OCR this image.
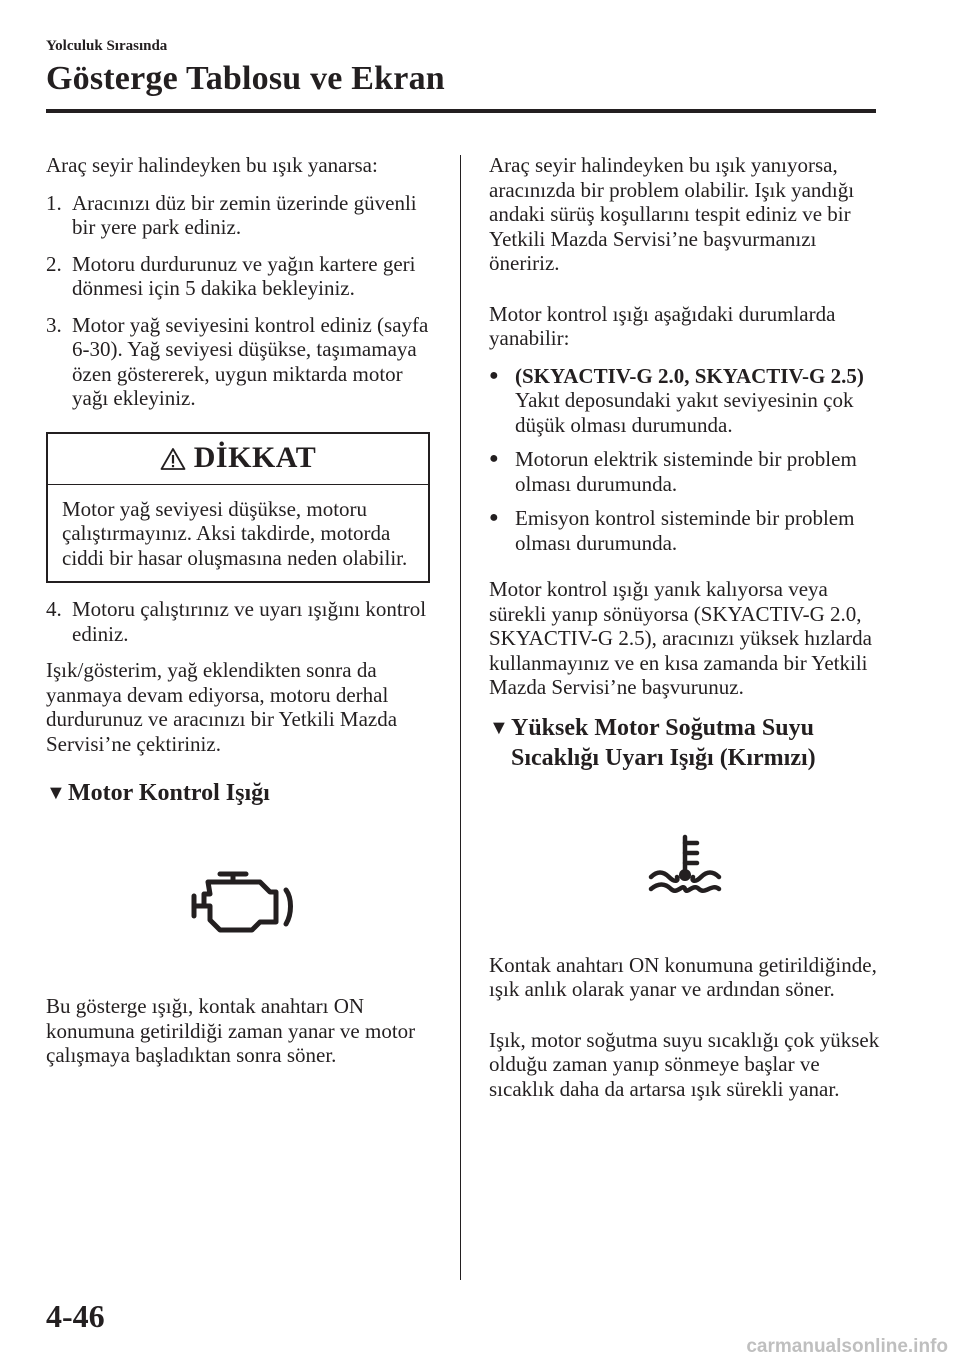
Yolculuk Sırasında
Gösterge Tablosu ve Ekran

Araç seyir halindeyken bu ışık yanarsa:

1. Aracınızı düz bir zemin üzerinde güvenli bir yere park ediniz.
2. Motoru durdurunuz ve yağın kartere geri dönmesi için 5 dakika bekleyiniz.
3. Motor yağ seviyesini kontrol ediniz (sayfa 6-30). Yağ seviyesi düşükse, taşımamaya özen göstererek, uygun miktarda motor yağı ekleyiniz.
DİKKAT
Motor yağ seviyesi düşükse, motoru çalıştırmayınız. Aksi takdirde, motorda ciddi bir hasar oluşmasına neden olabilir.
4. Motoru çalıştırınız ve uyarı ışığını kontrol ediniz.

Işık/gösterim, yağ eklendikten sonra da yanmaya devam ediyorsa, motoru derhal durdurunuz ve aracınızı bir Yetkili Mazda Servisi’ne çektiriniz.

▼ Motor Kontrol Işığı

Bu gösterge ışığı, kontak anahtarı ON konumuna getirildiği zaman yanar ve motor çalışmaya başladıktan sonra söner.

Araç seyir halindeyken bu ışık yanıyorsa, aracınızda bir problem olabilir. Işık yandığı andaki sürüş koşullarını tespit ediniz ve bir Yetkili Mazda Servisi’ne başvurmanızı öneririz.

Motor kontrol ışığı aşağıdaki durumlarda yanabilir:

● (SKYACTIV-G 2.0, SKYACTIV-G 2.5)
Yakıt deposundaki yakıt seviyesinin çok düşük olması durumunda.
● Motorun elektrik sisteminde bir problem olması durumunda.
● Emisyon kontrol sisteminde bir problem olması durumunda.

Motor kontrol ışığı yanık kalıyorsa veya sürekli yanıp sönüyorsa (SKYACTIV-G 2.0, SKYACTIV-G 2.5), aracınızı yüksek hızlarda kullanmayınız ve en kısa zamanda bir Yetkili Mazda Servisi’ne başvurunuz.

▼ Yüksek Motor Soğutma Suyu Sıcaklığı Uyarı Işığı (Kırmızı)

Kontak anahtarı ON konumuna getirildiğinde, ışık anlık olarak yanar ve ardından söner.

Işık, motor soğutma suyu sıcaklığı çok yüksek olduğu zaman yanıp sönmeye başlar ve sıcaklık daha da artarsa ışık sürekli yanar.

4-46
carmanualsonline.info
